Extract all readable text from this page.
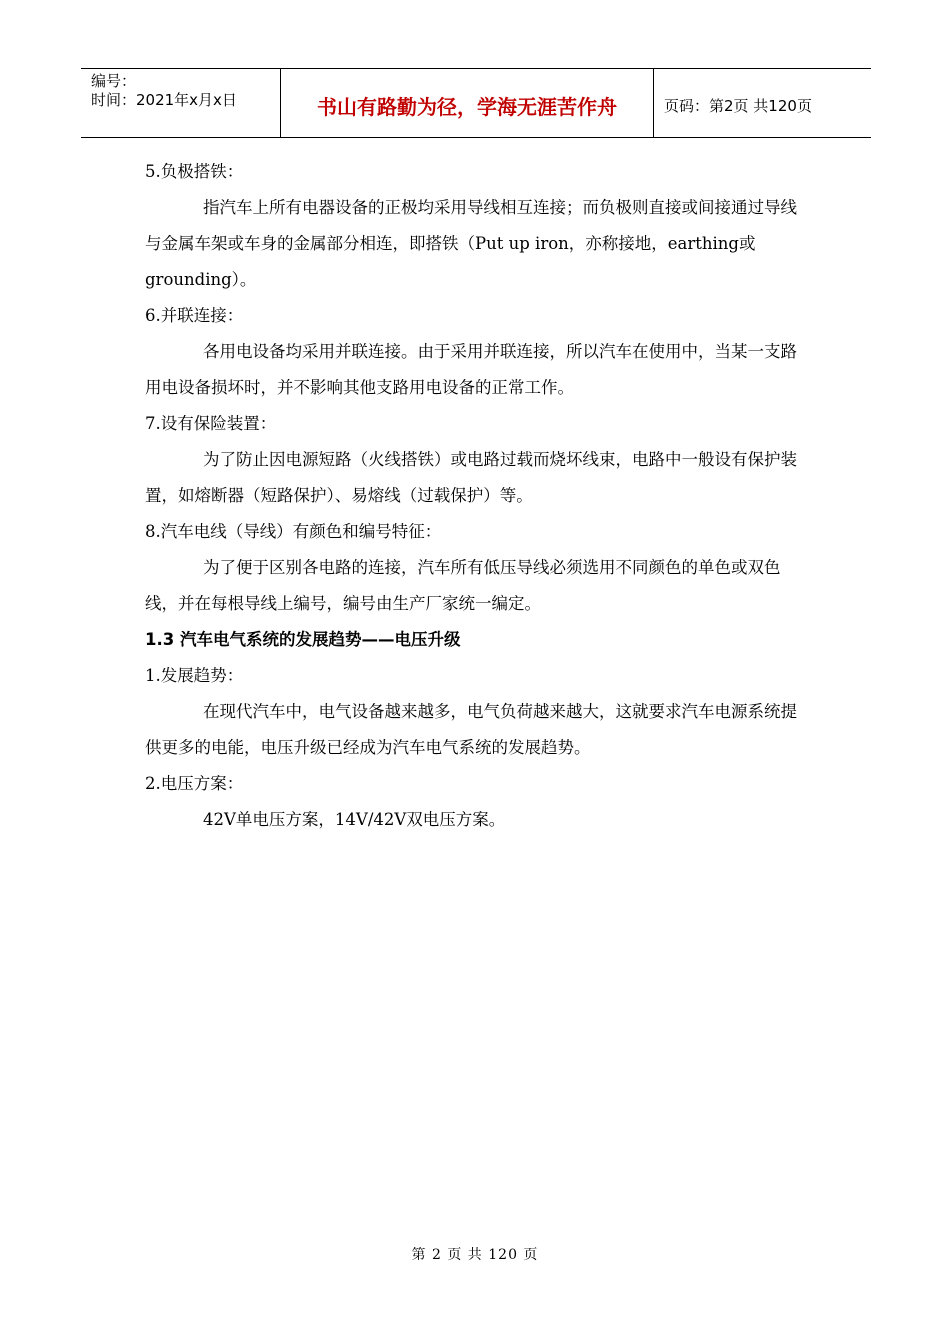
编号：
时间：2021年x月x日	书山有路勤为径，学海无涯苦作舟	页码：第2页 共120页

5.负极搭铁：

指汽车上所有电器设备的正极均采用导线相互连接；而负极则直接或间接通过导线与金属车架或车身的金属部分相连，即搭铁（Put up iron，亦称接地，earthing或grounding）。

6.并联连接：

各用电设备均采用并联连接。由于采用并联连接，所以汽车在使用中，当某一支路用电设备损坏时，并不影响其他支路用电设备的正常工作。

7.设有保险装置：

为了防止因电源短路（火线搭铁）或电路过载而烧坏线束，电路中一般设有保护装置，如熔断器（短路保护）、易熔线（过载保护）等。

8.汽车电线（导线）有颜色和编号特征：

为了便于区别各电路的连接，汽车所有低压导线必须选用不同颜色的单色或双色线，并在每根导线上编号，编号由生产厂家统一编定。

1.3 汽车电气系统的发展趋势——电压升级

1.发展趋势：

在现代汽车中，电气设备越来越多，电气负荷越来越大，这就要求汽车电源系统提供更多的电能，电压升级已经成为汽车电气系统的发展趋势。

2.电压方案：

42V单电压方案，14V/42V双电压方案。

第 2 页 共 120 页
